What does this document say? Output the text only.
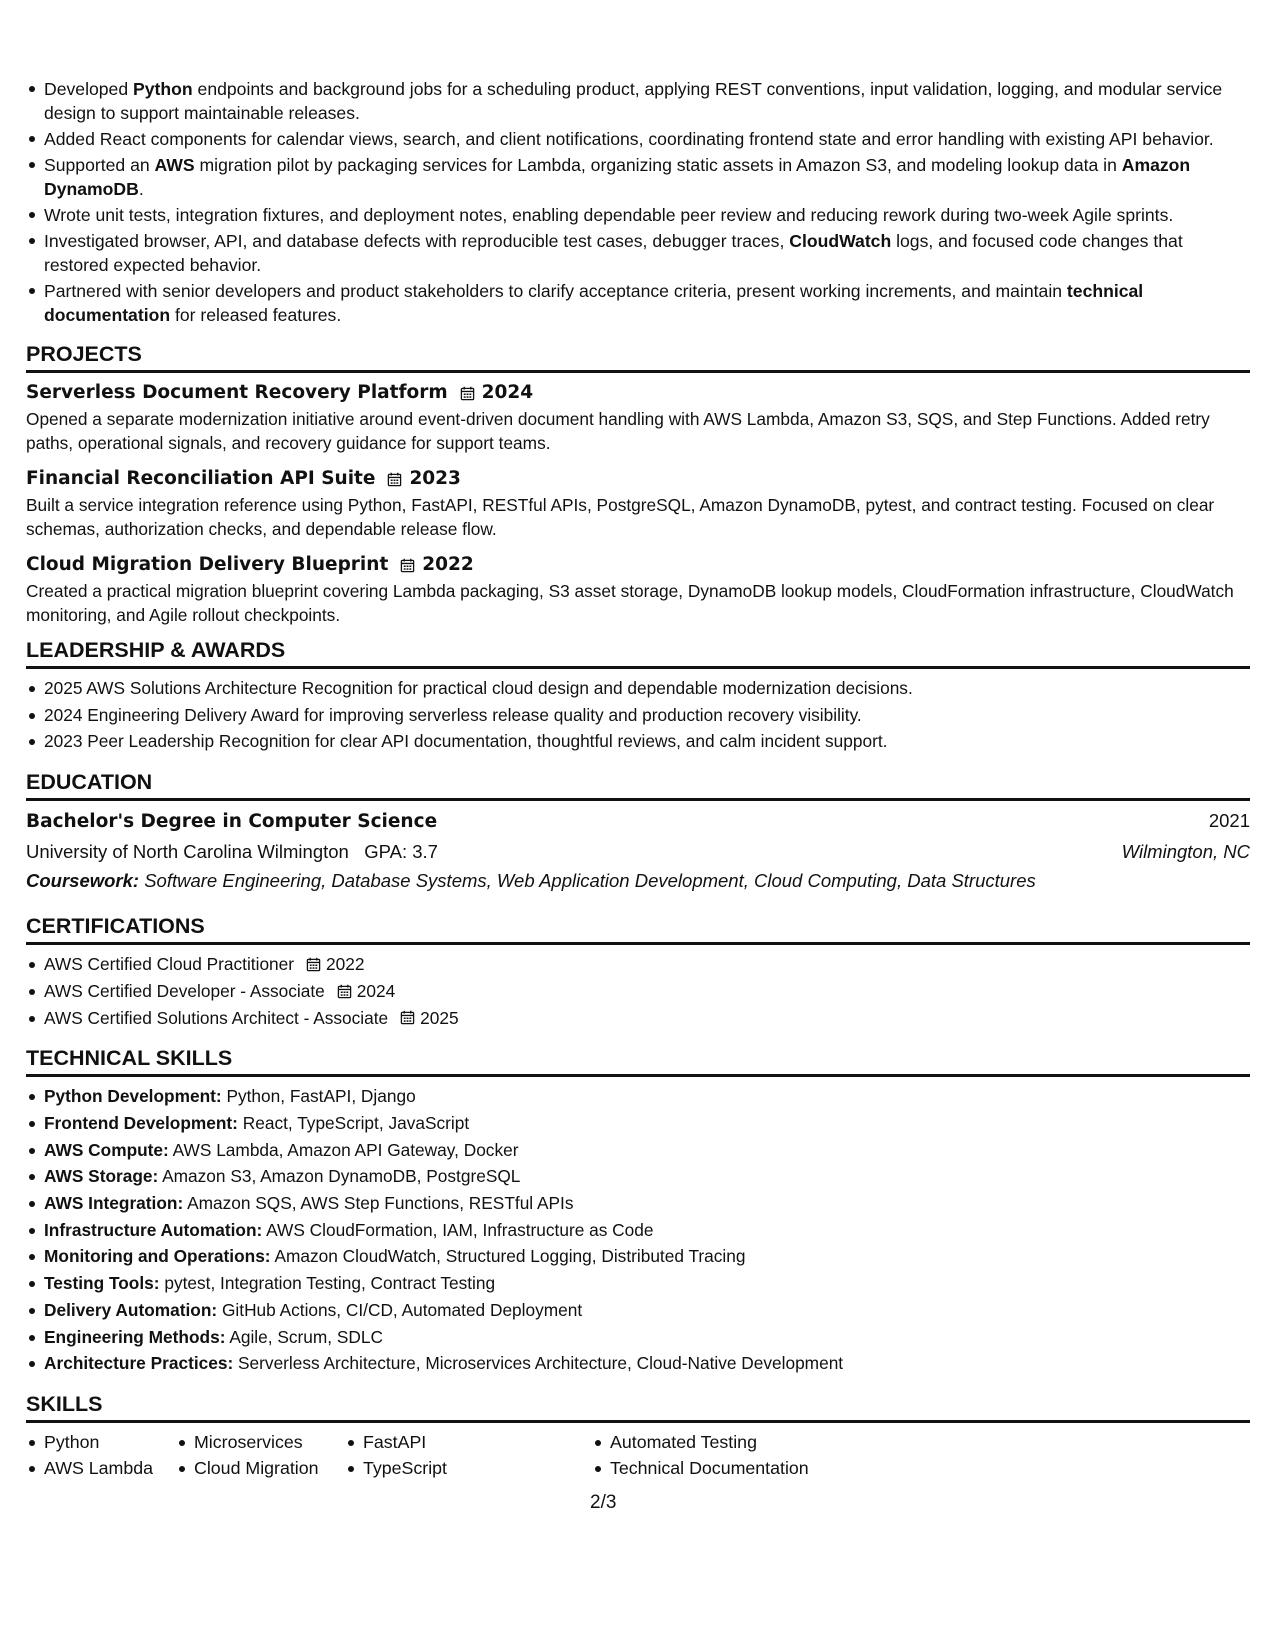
Developed Python endpoints and background jobs for a scheduling product, applying REST conventions, input validation, logging, and modular service design to support maintainable releases.
Added React components for calendar views, search, and client notifications, coordinating frontend state and error handling with existing API behavior.
Supported an AWS migration pilot by packaging services for Lambda, organizing static assets in Amazon S3, and modeling lookup data in Amazon DynamoDB.
Wrote unit tests, integration fixtures, and deployment notes, enabling dependable peer review and reducing rework during two-week Agile sprints.
Investigated browser, API, and database defects with reproducible test cases, debugger traces, CloudWatch logs, and focused code changes that restored expected behavior.
Partnered with senior developers and product stakeholders to clarify acceptance criteria, present working increments, and maintain technical documentation for released features.
PROJECTS
Serverless Document Recovery Platform 2024
Opened a separate modernization initiative around event-driven document handling with AWS Lambda, Amazon S3, SQS, and Step Functions. Added retry paths, operational signals, and recovery guidance for support teams.
Financial Reconciliation API Suite 2023
Built a service integration reference using Python, FastAPI, RESTful APIs, PostgreSQL, Amazon DynamoDB, pytest, and contract testing. Focused on clear schemas, authorization checks, and dependable release flow.
Cloud Migration Delivery Blueprint 2022
Created a practical migration blueprint covering Lambda packaging, S3 asset storage, DynamoDB lookup models, CloudFormation infrastructure, CloudWatch monitoring, and Agile rollout checkpoints.
LEADERSHIP & AWARDS
2025 AWS Solutions Architecture Recognition for practical cloud design and dependable modernization decisions.
2024 Engineering Delivery Award for improving serverless release quality and production recovery visibility.
2023 Peer Leadership Recognition for clear API documentation, thoughtful reviews, and calm incident support.
EDUCATION
Bachelor's Degree in Computer Science	2021
University of North Carolina Wilmington GPA: 3.7	Wilmington, NC
Coursework: Software Engineering, Database Systems, Web Application Development, Cloud Computing, Data Structures
CERTIFICATIONS
AWS Certified Cloud Practitioner 2022
AWS Certified Developer - Associate 2024
AWS Certified Solutions Architect - Associate 2025
TECHNICAL SKILLS
Python Development: Python, FastAPI, Django
Frontend Development: React, TypeScript, JavaScript
AWS Compute: AWS Lambda, Amazon API Gateway, Docker
AWS Storage: Amazon S3, Amazon DynamoDB, PostgreSQL
AWS Integration: Amazon SQS, AWS Step Functions, RESTful APIs
Infrastructure Automation: AWS CloudFormation, IAM, Infrastructure as Code
Monitoring and Operations: Amazon CloudWatch, Structured Logging, Distributed Tracing
Testing Tools: pytest, Integration Testing, Contract Testing
Delivery Automation: GitHub Actions, CI/CD, Automated Deployment
Engineering Methods: Agile, Scrum, SDLC
Architecture Practices: Serverless Architecture, Microservices Architecture, Cloud-Native Development
SKILLS
Python
AWS Lambda
Microservices
Cloud Migration
FastAPI
TypeScript
Automated Testing
Technical Documentation
2/3
